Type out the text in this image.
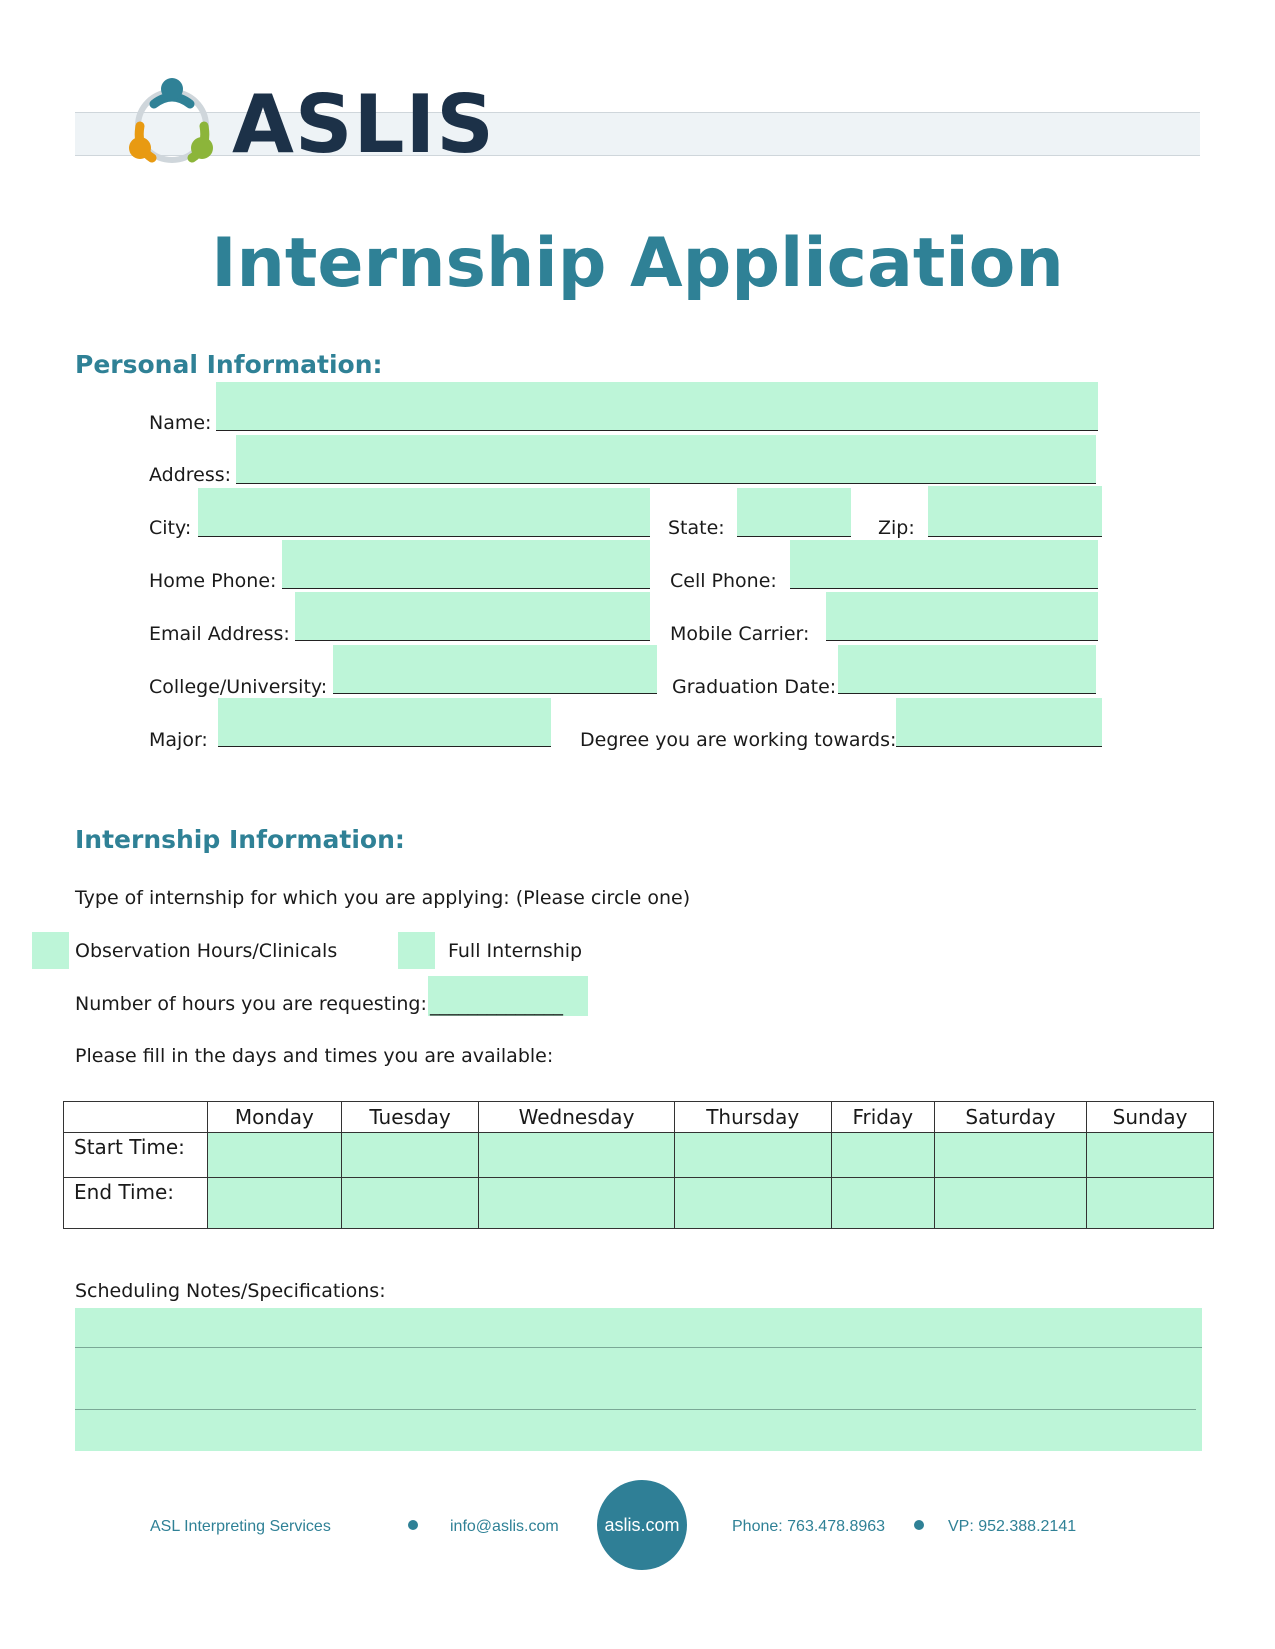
ASLIS
Internship Application
Personal Information:
Name:
Address:
City:	State:	Zip:
Home Phone:	Cell Phone:
Email Address:	Mobile Carrier:
College/University:	Graduation Date:
Major:	Degree you are working towards:
Internship Information:
Type of internship for which you are applying: (Please circle one)
Observation Hours/Clinicals	Full Internship
Number of hours you are requesting: ______________
Please fill in the days and times you are available:
	Monday	Tuesday	Wednesday	Thursday	Friday	Saturday	Sunday
Start Time:							
End Time:							
Scheduling Notes/Specifications:
ASL Interpreting Services	info@aslis.com	aslis.com	Phone: 763.478.8963	VP: 952.388.2141
